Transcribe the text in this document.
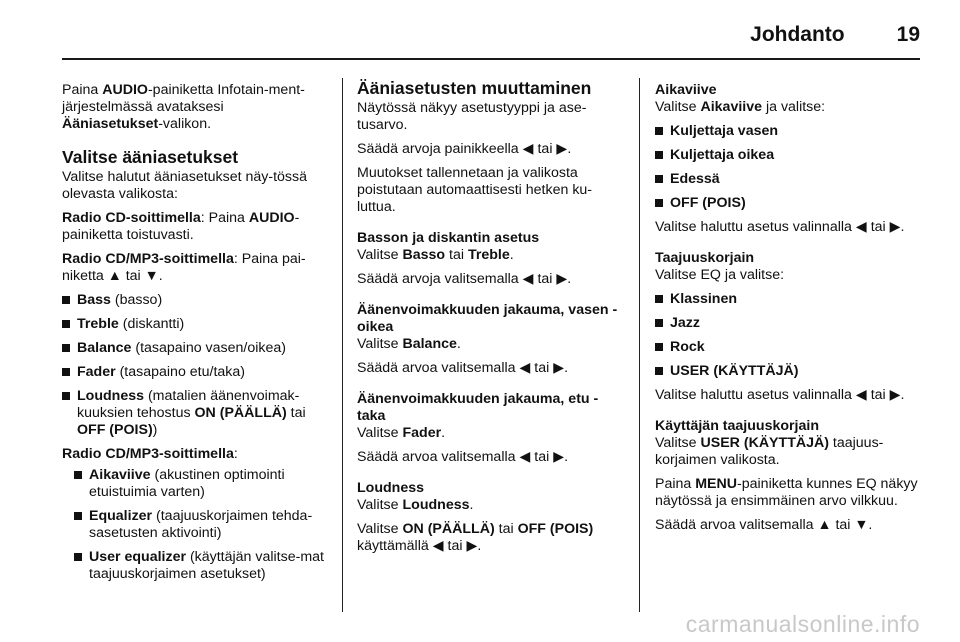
Johdanto 19

Paina AUDIO-painiketta Infotain-ment-järjestelmässä avataksesi Ääniasetukset-valikon.

Valitse ääniasetukset

Valitse halutut ääniasetukset näy-tössä olevasta valikosta:

Radio CD-soittimella: Paina AUDIO-painiketta toistuvasti.

Radio CD/MP3-soittimella: Paina pai-niketta ▲ tai ▼.

Bass (basso)
Treble (diskantti)
Balance (tasapaino vasen/oikea)
Fader (tasapaino etu/taka)
Loudness (matalien äänenvoimak-kuuksien tehostus ON (PÄÄLLÄ) tai OFF (POIS))

Radio CD/MP3-soittimella:

Aikaviive (akustinen optimointi etuistuimia varten)
Equalizer (taajuuskorjaimen tehda-sasetusten aktivointi)
User equalizer (käyttäjän valitse-mat taajuuskorjaimen asetukset)
Ääniasetusten muuttaminen

Näytössä näkyy asetustyyppi ja ase-tusarvo.

Säädä arvoja painikkeella ◀ tai ▶.

Muutokset tallennetaan ja valikosta poistutaan automaattisesti hetken ku-luttua.

Basson ja diskantin asetus

Valitse Basso tai Treble.

Säädä arvoja valitsemalla ◀ tai ▶.

Äänenvoimakkuuden jakauma, vasen - oikea

Valitse Balance.

Säädä arvoa valitsemalla ◀ tai ▶.

Äänenvoimakkuuden jakauma, etu - taka

Valitse Fader.

Säädä arvoa valitsemalla ◀ tai ▶.

Loudness

Valitse Loudness.

Valitse ON (PÄÄLLÄ) tai OFF (POIS) käyttämällä ◀ tai ▶.

Aikaviive

Valitse Aikaviive ja valitse:

Kuljettaja vasen
Kuljettaja oikea
Edessä
OFF (POIS)

Valitse haluttu asetus valinnalla ◀ tai ▶.

Taajuuskorjain

Valitse EQ ja valitse:

Klassinen
Jazz
Rock
USER (KÄYTTÄJÄ)

Valitse haluttu asetus valinnalla ◀ tai ▶.

Käyttäjän taajuuskorjain

Valitse USER (KÄYTTÄJÄ) taajuus-korjaimen valikosta.

Paina MENU-painiketta kunnes EQ näkyy näytössä ja ensimmäinen arvo vilkkuu.

Säädä arvoa valitsemalla ▲ tai ▼.

carmanualsonline.info
